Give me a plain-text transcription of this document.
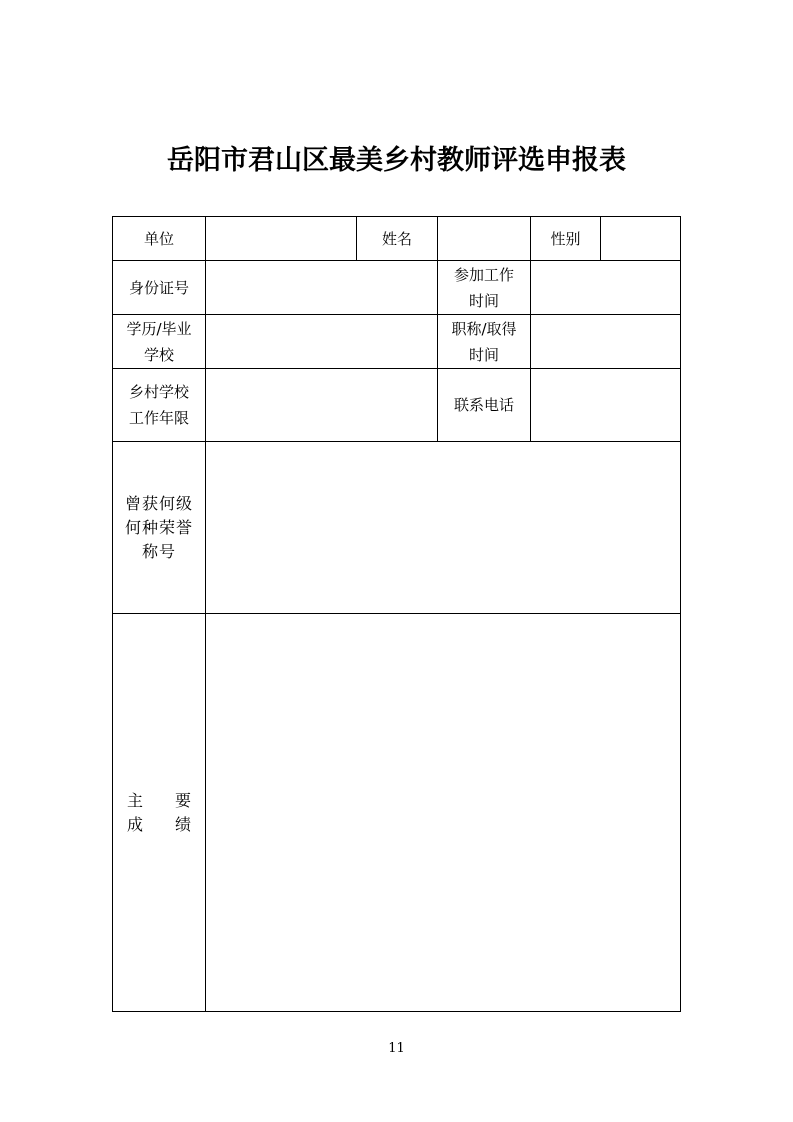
岳阳市君山区最美乡村教师评选申报表
单位	姓名	性别
身份证号
参加工作
时间
学历/毕业
学校
职称/取得
时间
乡村学校
工作年限
联系电话
曾获何级
何种荣誉
称号
主 要
成 绩
11
